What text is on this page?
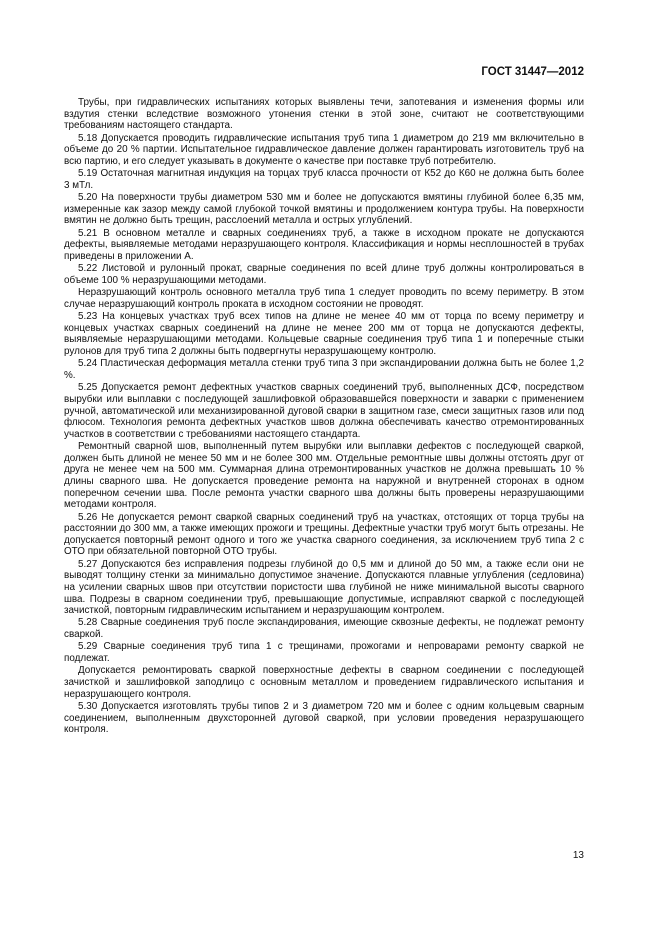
ГОСТ 31447—2012

Трубы, при гидравлических испытаниях которых выявлены течи, запотевания и изменения формы или вздутия стенки вследствие возможного утонения стенки в этой зоне, считают не соответствующими требованиям настоящего стандарта.

5.18 Допускается проводить гидравлические испытания труб типа 1 диаметром до 219 мм включительно в объеме до 20 % партии. Испытательное гидравлическое давление должен гарантировать изготовитель труб на всю партию, и его следует указывать в документе о качестве при поставке труб потребителю.

5.19 Остаточная магнитная индукция на торцах труб класса прочности от К52 до К60 не должна быть более 3 мТл.

5.20 На поверхности трубы диаметром 530 мм и более не допускаются вмятины глубиной более 6,35 мм, измеренные как зазор между самой глубокой точкой вмятины и продолжением контура трубы. На поверхности вмятин не должно быть трещин, расслоений металла и острых углублений.

5.21 В основном металле и сварных соединениях труб, а также в исходном прокате не допускаются дефекты, выявляемые методами неразрушающего контроля. Классификация и нормы несплошностей в трубах приведены в приложении А.

5.22 Листовой и рулонный прокат, сварные соединения по всей длине труб должны контролироваться в объеме 100 % неразрушающими методами.

Неразрушающий контроль основного металла труб типа 1 следует проводить по всему периметру. В этом случае неразрушающий контроль проката в исходном состоянии не проводят.

5.23 На концевых участках труб всех типов на длине не менее 40 мм от торца по всему периметру и концевых участках сварных соединений на длине не менее 200 мм от торца не допускаются дефекты, выявляемые неразрушающими методами. Кольцевые сварные соединения труб типа 1 и поперечные стыки рулонов для труб типа 2 должны быть подвергнуты неразрушающему контролю.

5.24 Пластическая деформация металла стенки труб типа 3 при экспандировании должна быть не более 1,2 %.

5.25 Допускается ремонт дефектных участков сварных соединений труб, выполненных ДСФ, посредством вырубки или выплавки с последующей зашлифовкой образовавшейся поверхности и заварки с применением ручной, автоматической или механизированной дуговой сварки в защитном газе, смеси защитных газов или под флюсом. Технология ремонта дефектных участков швов должна обеспечивать качество отремонтированных участков в соответствии с требованиями настоящего стандарта.

Ремонтный сварной шов, выполненный путем вырубки или выплавки дефектов с последующей сваркой, должен быть длиной не менее 50 мм и не более 300 мм. Отдельные ремонтные швы должны отстоять друг от друга не менее чем на 500 мм. Суммарная длина отремонтированных участков не должна превышать 10 % длины сварного шва. Не допускается проведение ремонта на наружной и внутренней сторонах в одном поперечном сечении шва. После ремонта участки сварного шва должны быть проверены неразрушающими методами контроля.

5.26 Не допускается ремонт сваркой сварных соединений труб на участках, отстоящих от торца трубы на расстоянии до 300 мм, а также имеющих прожоги и трещины. Дефектные участки труб могут быть отрезаны. Не допускается повторный ремонт одного и того же участка сварного соединения, за исключением труб типа 2 с ОТО при обязательной повторной ОТО трубы.

5.27 Допускаются без исправления подрезы глубиной до 0,5 мм и длиной до 50 мм, а также если они не выводят толщину стенки за минимально допустимое значение. Допускаются плавные углубления (седловина) на усилении сварных швов при отсутствии пористости шва глубиной не ниже минимальной высоты сварного шва. Подрезы в сварном соединении труб, превышающие допустимые, исправляют сваркой с последующей зачисткой, повторным гидравлическим испытанием и неразрушающим контролем.

5.28 Сварные соединения труб после экспандирования, имеющие сквозные дефекты, не подлежат ремонту сваркой.

5.29 Сварные соединения труб типа 1 с трещинами, прожогами и непроварами ремонту сваркой не подлежат.

Допускается ремонтировать сваркой поверхностные дефекты в сварном соединении с последующей зачисткой и зашлифовкой заподлицо с основным металлом и проведением гидравлического испытания и неразрушающего контроля.

5.30 Допускается изготовлять трубы типов 2 и 3 диаметром 720 мм и более с одним кольцевым сварным соединением, выполненным двухсторонней дуговой сваркой, при условии проведения неразрушающего контроля.

13
